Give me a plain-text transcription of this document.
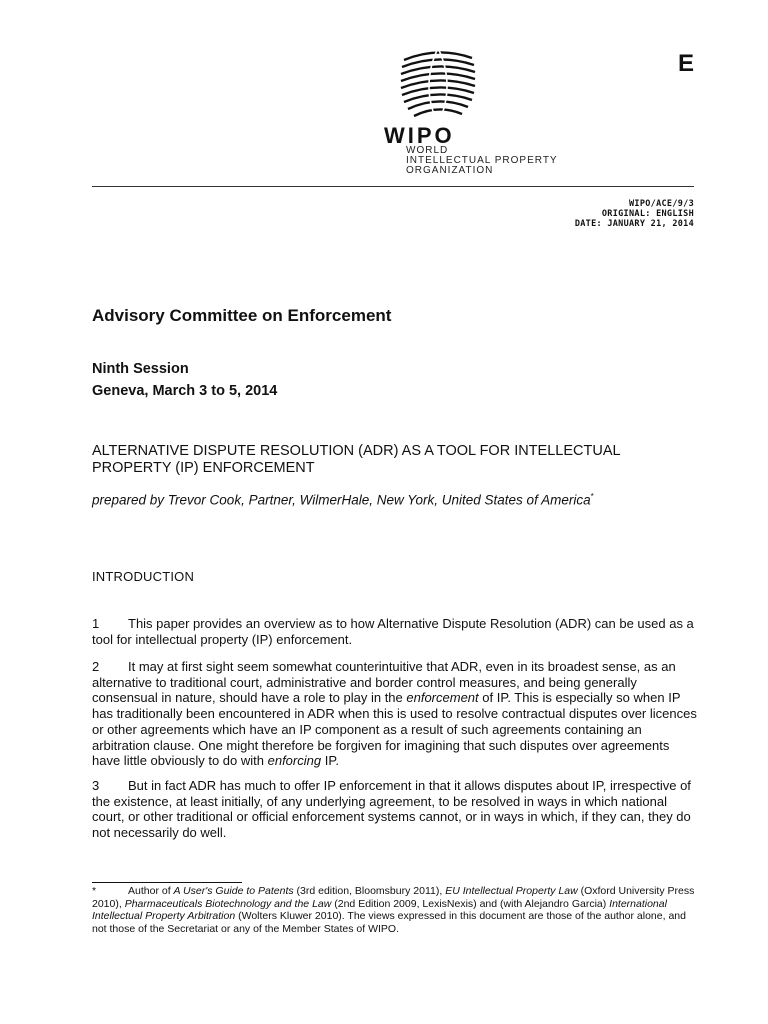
WIPO
WORLD
INTELLECTUAL PROPERTY
ORGANIZATION
E
WIPO/ACE/9/3
ORIGINAL: ENGLISH
DATE: JANUARY 21, 2014
Advisory Committee on Enforcement
Ninth Session
Geneva, March 3 to 5, 2014
ALTERNATIVE DISPUTE RESOLUTION (ADR) AS A TOOL FOR INTELLECTUAL PROPERTY (IP) ENFORCEMENT
prepared by Trevor Cook, Partner, WilmerHale, New York, United States of America*
INTRODUCTION
1 This paper provides an overview as to how Alternative Dispute Resolution (ADR) can be used as a tool for intellectual property (IP) enforcement.
2 It may at first sight seem somewhat counterintuitive that ADR, even in its broadest sense, as an alternative to traditional court, administrative and border control measures, and being generally consensual in nature, should have a role to play in the enforcement of IP. This is especially so when IP has traditionally been encountered in ADR when this is used to resolve contractual disputes over licences or other agreements which have an IP component as a result of such agreements containing an arbitration clause. One might therefore be forgiven for imagining that such disputes over agreements have little obviously to do with enforcing IP.
3 But in fact ADR has much to offer IP enforcement in that it allows disputes about IP, irrespective of the existence, at least initially, of any underlying agreement, to be resolved in ways in which national court, or other traditional or official enforcement systems cannot, or in ways in which, if they can, they do not necessarily do well.
*	Author of A User's Guide to Patents (3rd edition, Bloomsbury 2011), EU Intellectual Property Law (Oxford University Press 2010), Pharmaceuticals Biotechnology and the Law (2nd Edition 2009, LexisNexis) and (with Alejandro Garcia) International Intellectual Property Arbitration (Wolters Kluwer 2010). The views expressed in this document are those of the author alone, and not those of the Secretariat or any of the Member States of WIPO.
